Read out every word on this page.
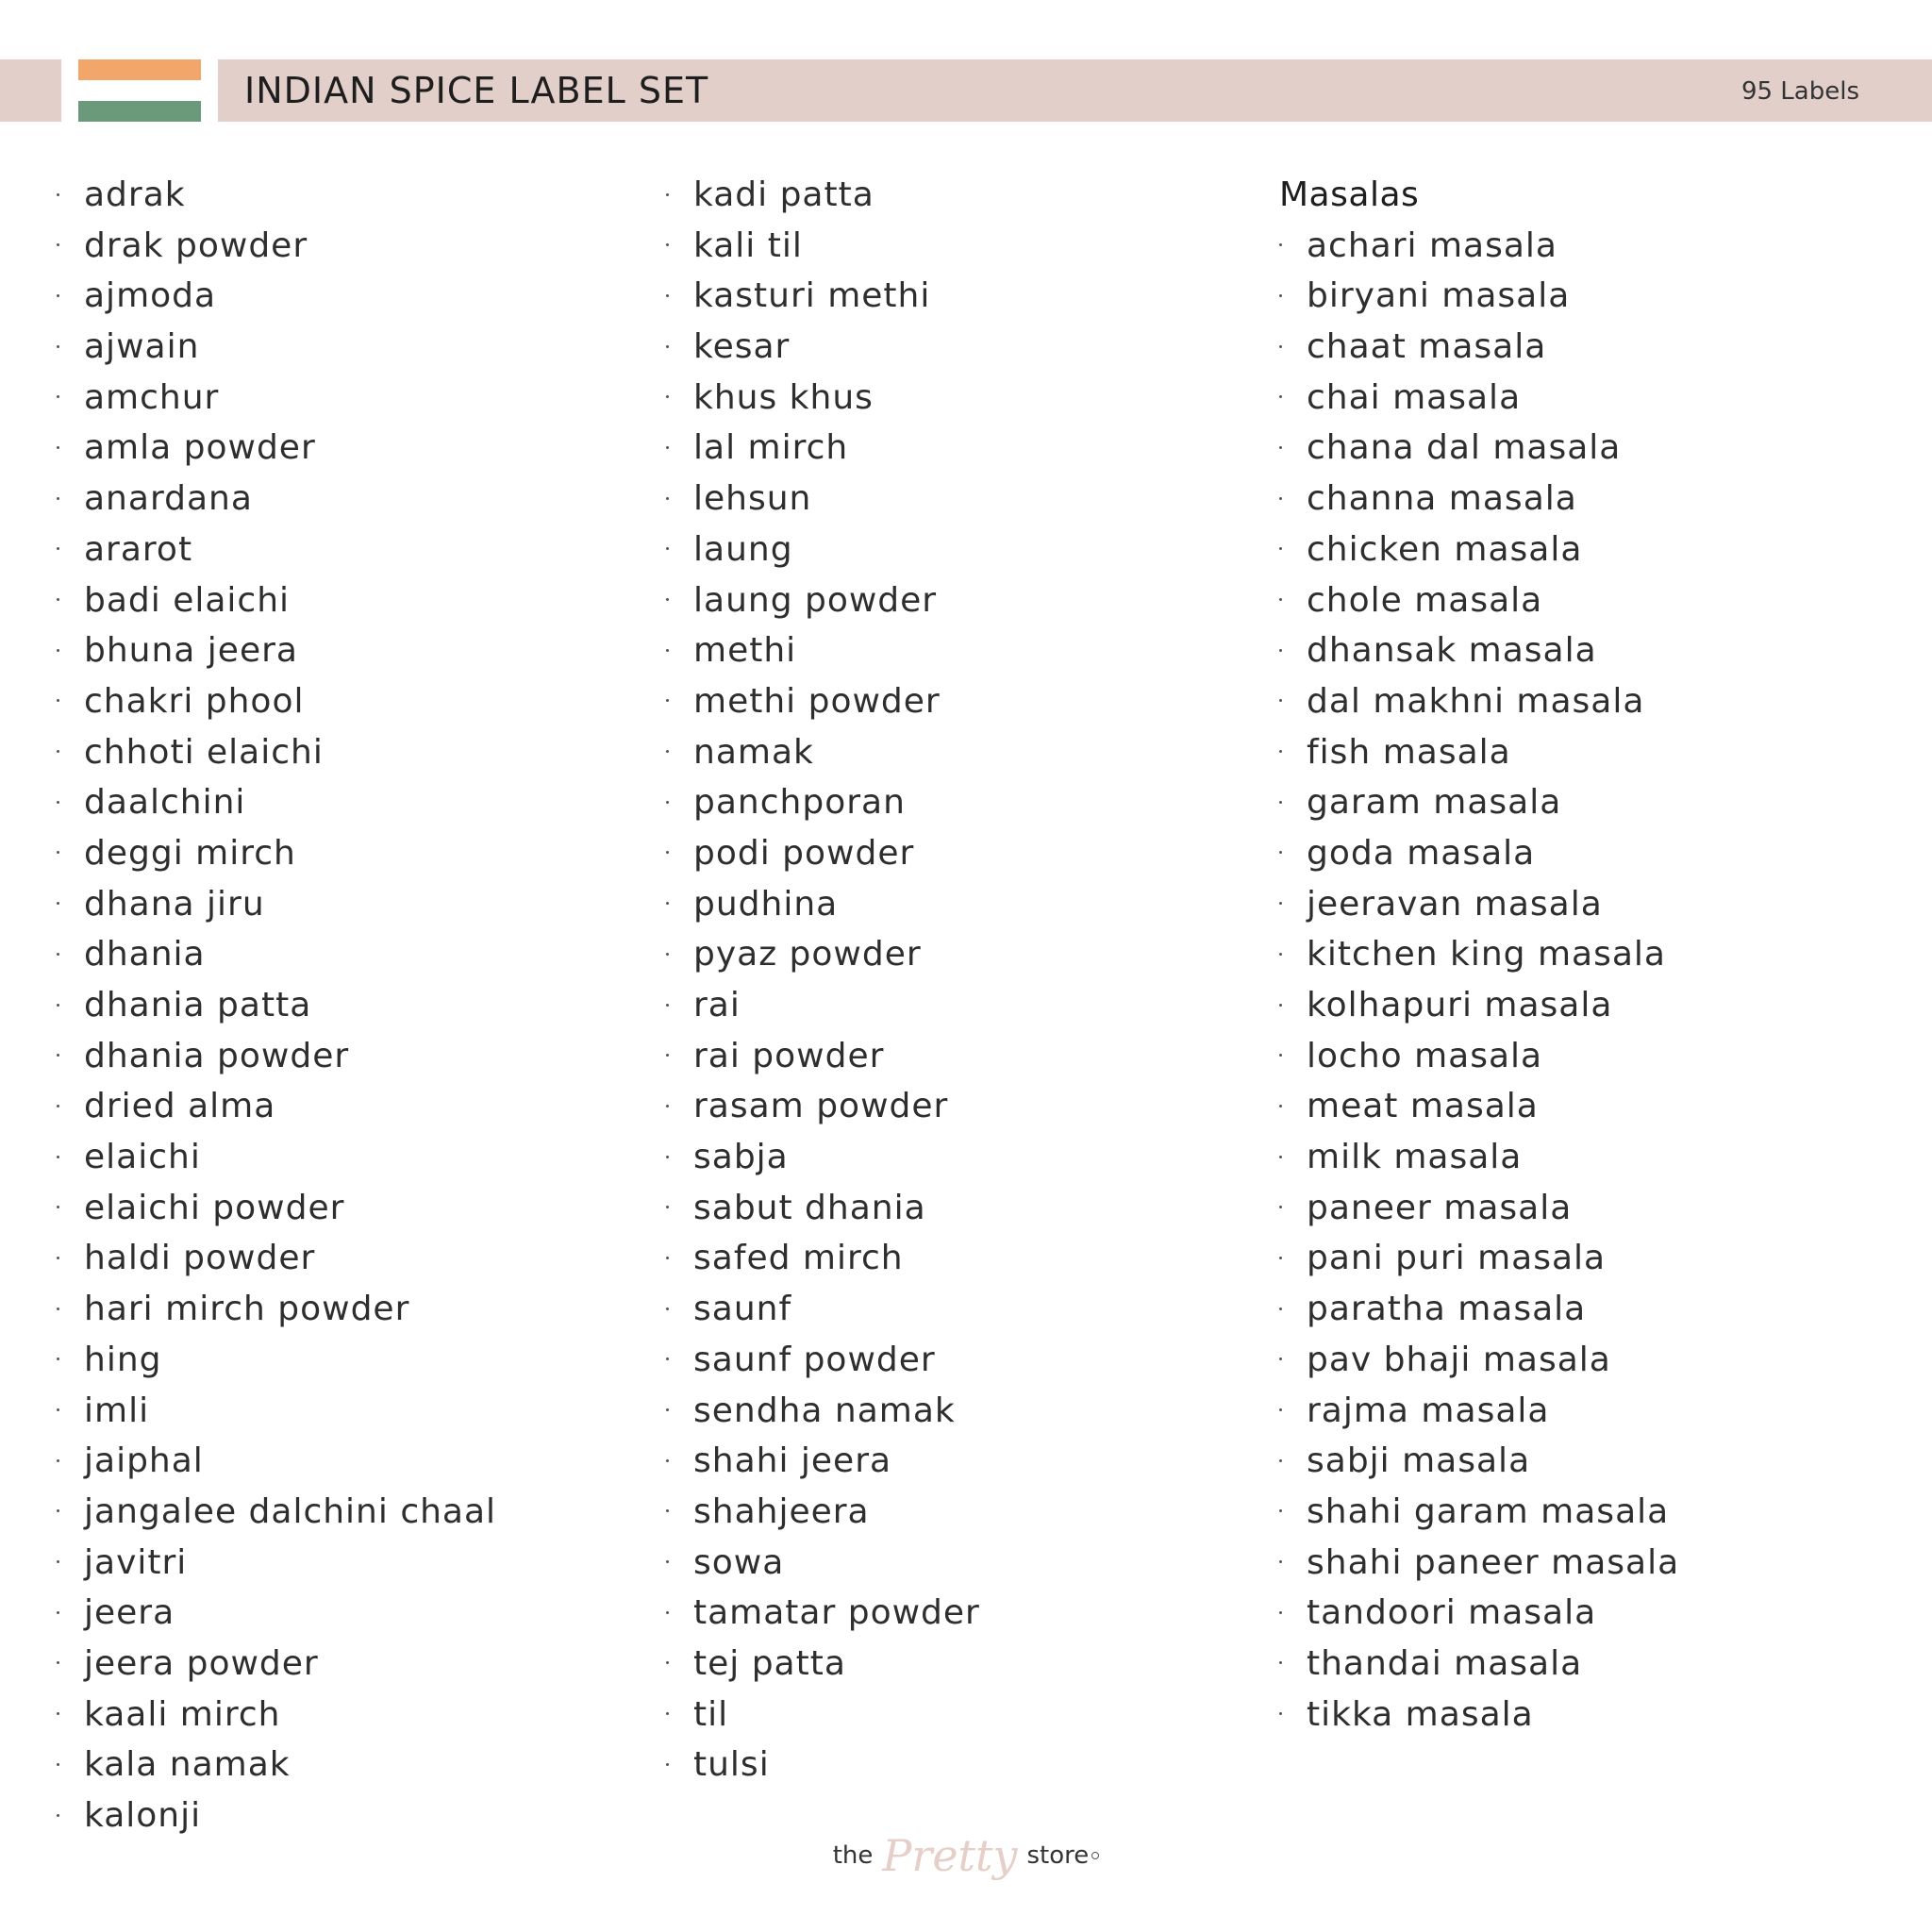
INDIAN SPICE LABEL SET	95 Labels
adrak
drak powder
ajmoda
ajwain
amchur
amla powder
anardana
ararot
badi elaichi
bhuna jeera
chakri phool
chhoti elaichi
daalchini
deggi mirch
dhana jiru
dhania
dhania patta
dhania powder
dried alma
elaichi
elaichi powder
haldi powder
hari mirch powder
hing
imli
jaiphal
jangalee dalchini chaal
javitri
jeera
jeera powder
kaali mirch
kala namak
kalonji
kadi patta
kali til
kasturi methi
kesar
khus khus
lal mirch
lehsun
laung
laung powder
methi
methi powder
namak
panchporan
podi powder
pudhina
pyaz powder
rai
rai powder
rasam powder
sabja
sabut dhania
safed mirch
saunf
saunf powder
sendha namak
shahi jeera
shahjeera
sowa
tamatar powder
tej patta
til
tulsi
Masalas
achari masala
biryani masala
chaat masala
chai masala
chana dal masala
channa masala
chicken masala
chole masala
dhansak masala
dal makhni masala
fish masala
garam masala
goda masala
jeeravan masala
kitchen king masala
kolhapuri masala
locho masala
meat masala
milk masala
paneer masala
pani puri masala
paratha masala
pav bhaji masala
rajma masala
sabji masala
shahi garam masala
shahi paneer masala
tandoori masala
thandai masala
tikka masala
the Pretty store
